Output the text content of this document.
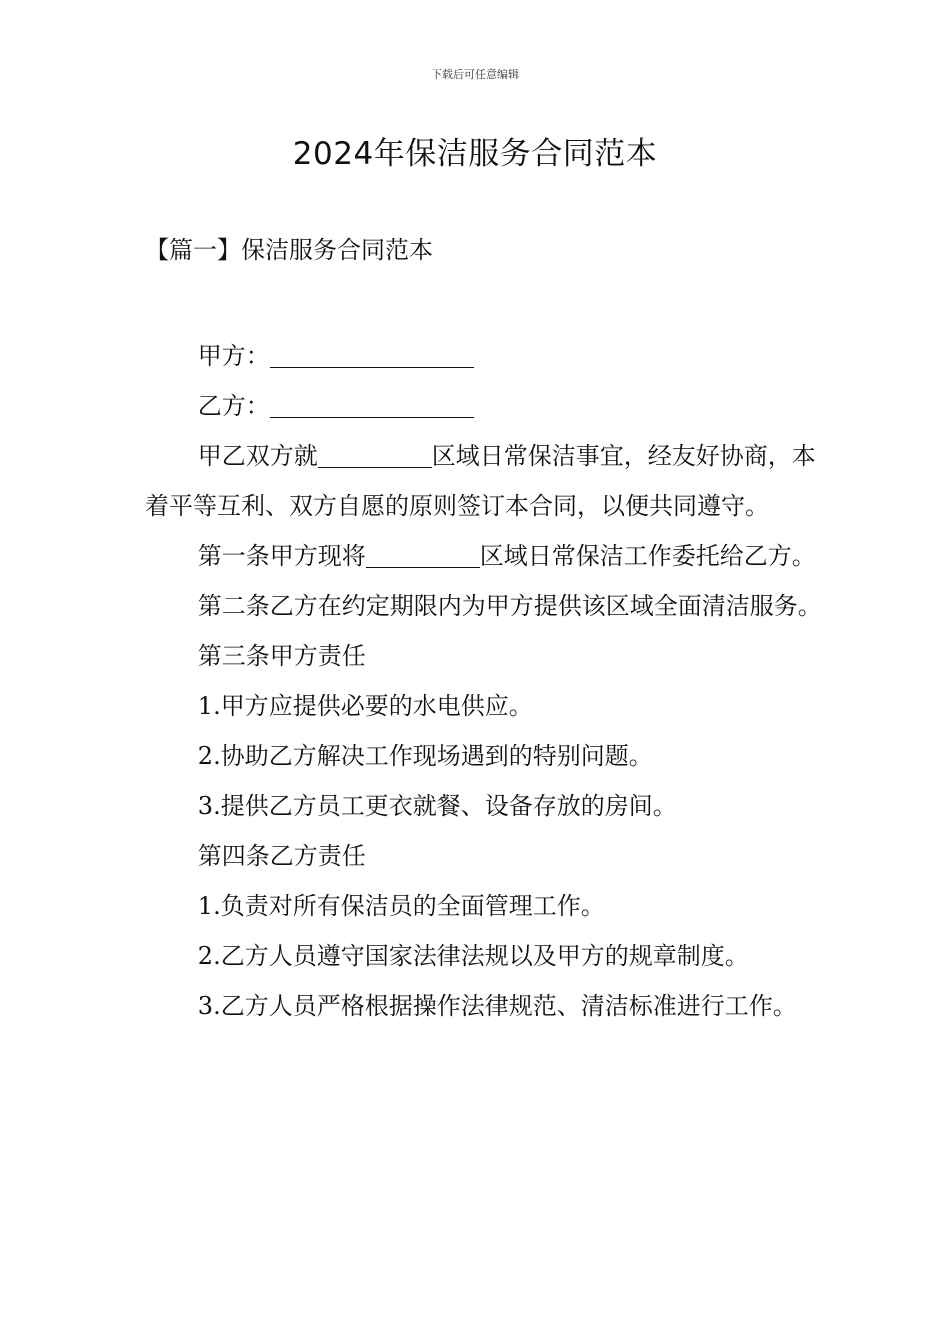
下载后可任意编辑
2024年保洁服务合同范本
【篇一】保洁服务合同范本

甲方：

乙方：

甲乙双方就	区域日常保洁事宜，经友好协商，本着平等互利、双方自愿的原则签订本合同，以便共同遵守。

第一条甲方现将	区域日常保洁工作委托给乙方。

第二条乙方在约定期限内为甲方提供该区域全面清洁服务。

第三条甲方责任

1.甲方应提供必要的水电供应。

2.协助乙方解决工作现场遇到的特别问题。

3.提供乙方员工更衣就餐、设备存放的房间。

第四条乙方责任

1.负责对所有保洁员的全面管理工作。

2.乙方人员遵守国家法律法规以及甲方的规章制度。

3.乙方人员严格根据操作法律规范、清洁标准进行工作。
